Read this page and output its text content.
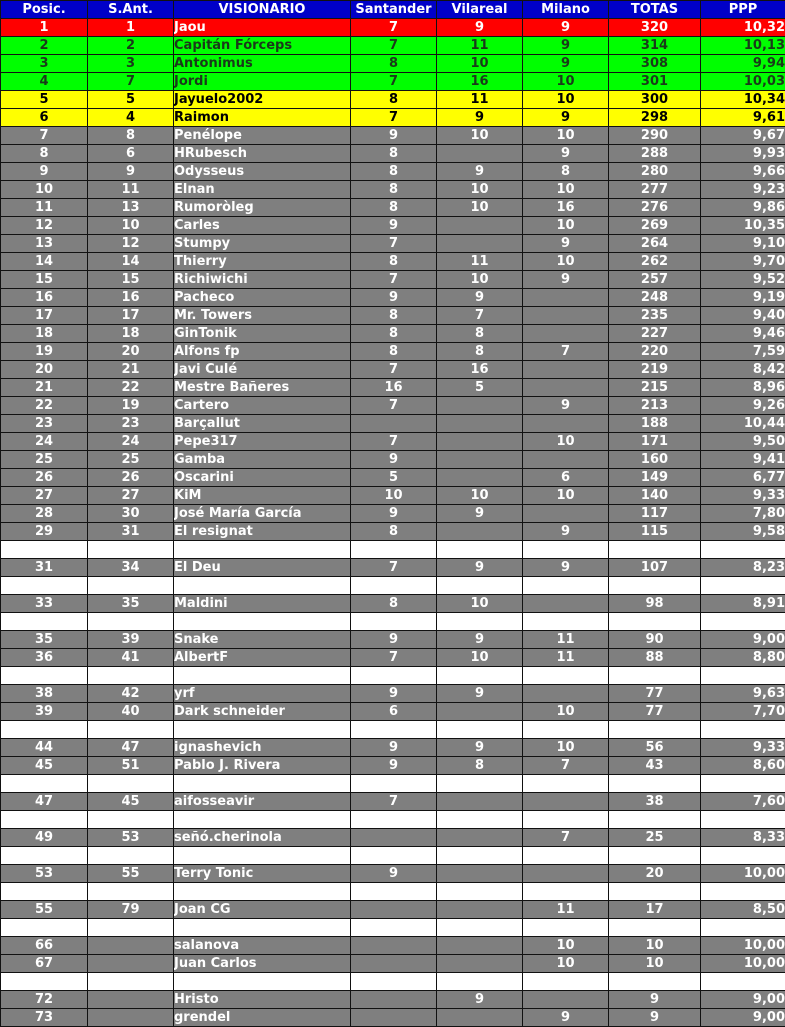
Posic.	S.Ant.	VISIONARIO	Santander	Vilareal	Milano	TOTAS	PPP
1	1	Jaou	7	9	9	320	10,32
2	2	Capitán Fórceps	7	11	9	314	10,13
3	3	Antonimus	8	10	9	308	9,94
4	7	Jordi	7	16	10	301	10,03
5	5	Jayuelo2002	8	11	10	300	10,34
6	4	Raimon	7	9	9	298	9,61
7	8	Penélope	9	10	10	290	9,67
8	6	HRubesch	8		9	288	9,93
9	9	Odysseus	8	9	8	280	9,66
10	11	Elnan	8	10	10	277	9,23
11	13	Rumoròleg	8	10	16	276	9,86
12	10	Carles	9		10	269	10,35
13	12	Stumpy	7		9	264	9,10
14	14	Thierry	8	11	10	262	9,70
15	15	Richiwichi	7	10	9	257	9,52
16	16	Pacheco	9	9		248	9,19
17	17	Mr. Towers	8	7		235	9,40
18	18	GinTonik	8	8		227	9,46
19	20	Alfons fp	8	8	7	220	7,59
20	21	Javi Culé	7	16		219	8,42
21	22	Mestre Bañeres	16	5		215	8,96
22	19	Cartero	7		9	213	9,26
23	23	Barçallut				188	10,44
24	24	Pepe317	7		10	171	9,50
25	25	Gamba	9			160	9,41
26	26	Oscarini	5		6	149	6,77
27	27	KiM	10	10	10	140	9,33
28	30	José María García	9	9		117	7,80
29	31	El resignat	8		9	115	9,58

31	34	El Deu	7	9	9	107	8,23

33	35	Maldini	8	10		98	8,91

35	39	Snake	9	9	11	90	9,00
36	41	AlbertF	7	10	11	88	8,80

38	42	yrf	9	9		77	9,63
39	40	Dark schneider	6		10	77	7,70

44	47	ignashevich	9	9	10	56	9,33
45	51	Pablo J. Rivera	9	8	7	43	8,60

47	45	aifosseavir	7			38	7,60

49	53	señó.cherinola			7	25	8,33

53	55	Terry Tonic	9			20	10,00

55	79	Joan CG			11	17	8,50

66		salanova			10	10	10,00
67		Juan Carlos			10	10	10,00

72		Hristo		9		9	9,00
73		grendel			9	9	9,00
